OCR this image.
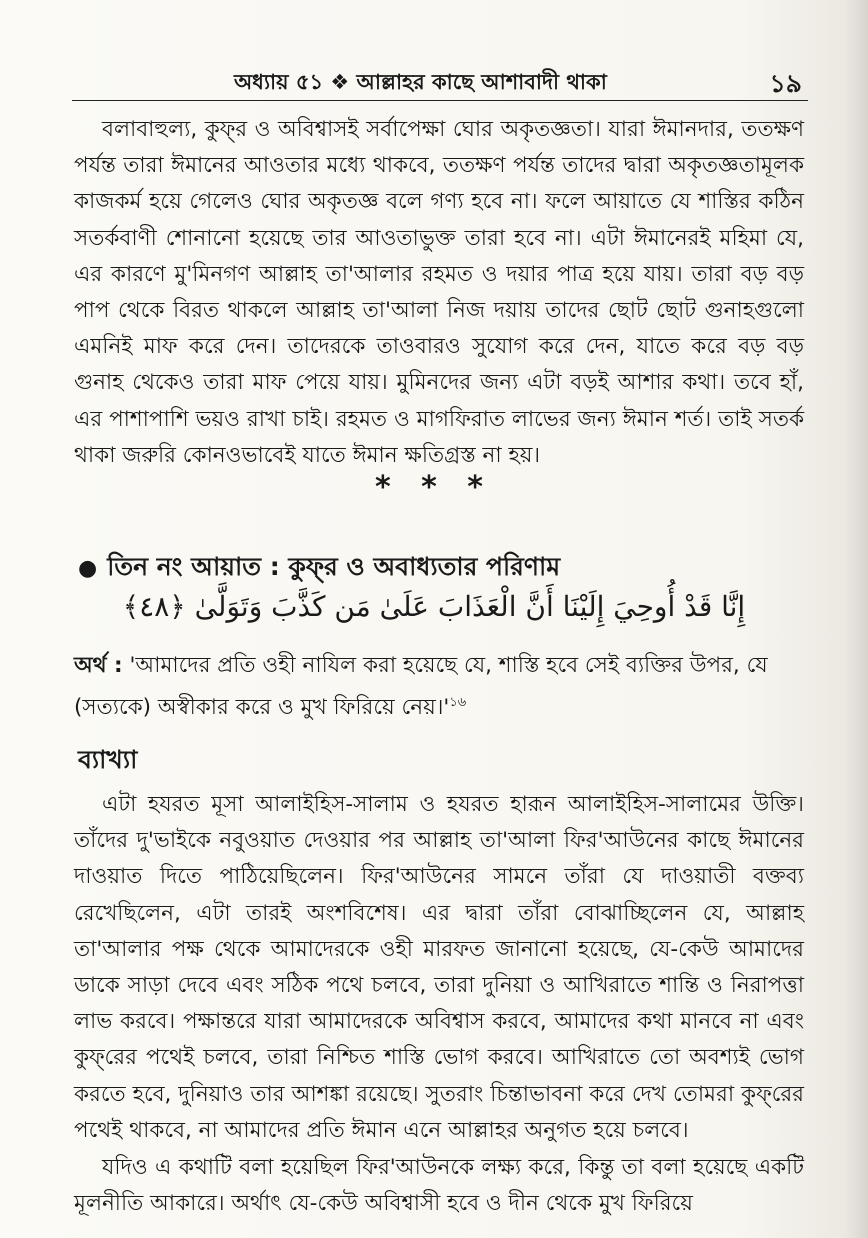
অধ্যায় ৫১ ❖ আল্লাহর কাছে আশাবাদী থাকা	১৯
বলাবাহুল্য, কুফ্‌র ও অবিশ্বাসই সর্বাপেক্ষা ঘোর অকৃতজ্ঞতা। যারা ঈমানদার, ততক্ষণ পর্যন্ত তারা ঈমানের আওতার মধ্যে থাকবে, ততক্ষণ পর্যন্ত তাদের দ্বারা অকৃতজ্ঞতামূলক কাজকর্ম হয়ে গেলেও ঘোর অকৃতজ্ঞ বলে গণ্য হবে না। ফলে আয়াতে যে শাস্তির কঠিন সতর্কবাণী শোনানো হয়েছে তার আওতাভুক্ত তারা হবে না। এটা ঈমানেরই মহিমা যে, এর কারণে মু'মিনগণ আল্লাহ তা'আলার রহমত ও দয়ার পাত্র হয়ে যায়। তারা বড় বড় পাপ থেকে বিরত থাকলে আল্লাহ তা'আলা নিজ দয়ায় তাদের ছোট ছোট গুনাহগুলো এমনিই মাফ করে দেন। তাদেরকে তাওবারও সুযোগ করে দেন, যাতে করে বড় বড় গুনাহ থেকেও তারা মাফ পেয়ে যায়। মুমিনদের জন্য এটা বড়ই আশার কথা। তবে হাঁ, এর পাশাপাশি ভয়ও রাখা চাই। রহমত ও মাগফিরাত লাভের জন্য ঈমান শর্ত। তাই সতর্ক থাকা জরুরি কোনওভাবেই যাতে ঈমান ক্ষতিগ্রস্ত না হয়।
* * *
● তিন নং আয়াত : কুফ্‌র ও অবাধ্যতার পরিণাম
إِنَّا قَدْ أُوحِيَ إِلَيْنَا أَنَّ الْعَذَابَ عَلَىٰ مَن كَذَّبَ وَتَوَلَّىٰ ﴿٤٨﴾
অর্থ : 'আমাদের প্রতি ওহী নাযিল করা হয়েছে যে, শাস্তি হবে সেই ব্যক্তির উপর, যে (সত্যকে) অস্বীকার করে ও মুখ ফিরিয়ে নেয়।'$^{১৬}$
ব্যাখ্যা
এটা হযরত মূসা আলাইহিস-সালাম ও হযরত হারূন আলাইহিস-সালামের উক্তি। তাঁদের দু'ভাইকে নবুওয়াত দেওয়ার পর আল্লাহ তা'আলা ফির'আউনের কাছে ঈমানের দাওয়াত দিতে পাঠিয়েছিলেন। ফির'আউনের সামনে তাঁরা যে দাওয়াতী বক্তব্য রেখেছিলেন, এটা তারই অংশবিশেষ। এর দ্বারা তাঁরা বোঝাচ্ছিলেন যে, আল্লাহ তা'আলার পক্ষ থেকে আমাদেরকে ওহী মারফত জানানো হয়েছে, যে-কেউ আমাদের ডাকে সাড়া দেবে এবং সঠিক পথে চলবে, তারা দুনিয়া ও আখিরাতে শান্তি ও নিরাপত্তা লাভ করবে। পক্ষান্তরে যারা আমাদেরকে অবিশ্বাস করবে, আমাদের কথা মানবে না এবং কুফ্‌রের পথেই চলবে, তারা নিশ্চিত শাস্তি ভোগ করবে। আখিরাতে তো অবশ্যই ভোগ করতে হবে, দুনিয়াও তার আশঙ্কা রয়েছে। সুতরাং চিন্তাভাবনা করে দেখ তোমরা কুফ্‌রের পথেই থাকবে, না আমাদের প্রতি ঈমান এনে আল্লাহর অনুগত হয়ে চলবে।
যদিও এ কথাটি বলা হয়েছিল ফির'আউনকে লক্ষ্য করে, কিন্তু তা বলা হয়েছে একটি মূলনীতি আকারে। অর্থাৎ যে-কেউ অবিশ্বাসী হবে ও দীন থেকে মুখ ফিরিয়ে
